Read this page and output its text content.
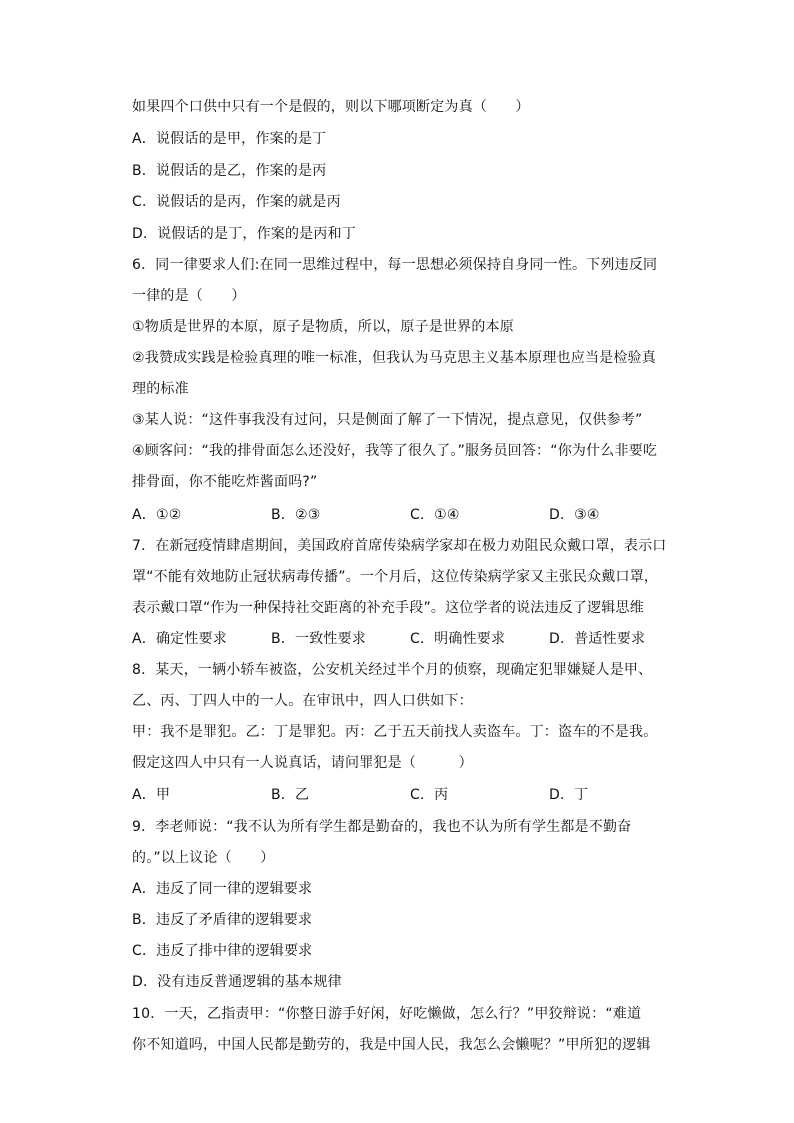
如果四个口供中只有一个是假的，则以下哪项断定为真（　　）
A．说假话的是甲，作案的是丁
B．说假话的是乙，作案的是丙
C．说假话的是丙，作案的就是丙
D．说假话的是丁，作案的是丙和丁
6．同一律要求人们:在同一思维过程中，每一思想必须保持自身同一性。下列违反同
一律的是（　　）
①物质是世界的本原，原子是物质，所以，原子是世界的本原
②我赞成实践是检验真理的唯一标准，但我认为马克思主义基本原理也应当是检验真
理的标准
③某人说：“这件事我没有过问，只是侧面了解了一下情况，提点意见，仅供参考”
④顾客问：“我的排骨面怎么还没好，我等了很久了。”服务员回答：“你为什么非要吃
排骨面，你不能吃炸酱面吗?”
A．①②	B．②③	C．①④	D．③④
7．在新冠疫情肆虐期间，美国政府首席传染病学家却在极力劝阻民众戴口罩，表示口
罩“不能有效地防止冠状病毒传播”。一个月后，这位传染病学家又主张民众戴口罩，
表示戴口罩“作为一种保持社交距离的补充手段”。这位学者的说法违反了逻辑思维
A．确定性要求	B．一致性要求	C．明确性要求	D．普适性要求
8．某天，一辆小轿车被盗，公安机关经过半个月的侦察，现确定犯罪嫌疑人是甲、
乙、丙、丁四人中的一人。在审讯中，四人口供如下：
甲：我不是罪犯。乙：丁是罪犯。丙：乙于五天前找人卖盗车。丁：盗车的不是我。
假定这四人中只有一人说真话，请问罪犯是（　　　）
A．甲	B．乙	C．丙	D．丁
9．李老师说：“我不认为所有学生都是勤奋的，我也不认为所有学生都是不勤奋
的。”以上议论（　　）
A．违反了同一律的逻辑要求
B．违反了矛盾律的逻辑要求
C．违反了排中律的逻辑要求
D．没有违反普通逻辑的基本规律
10．一天，乙指责甲：“你整日游手好闲，好吃懒做，怎么行？”甲狡辩说：“难道
你不知道吗，中国人民都是勤劳的，我是中国人民，我怎么会懒呢？”甲所犯的逻辑
